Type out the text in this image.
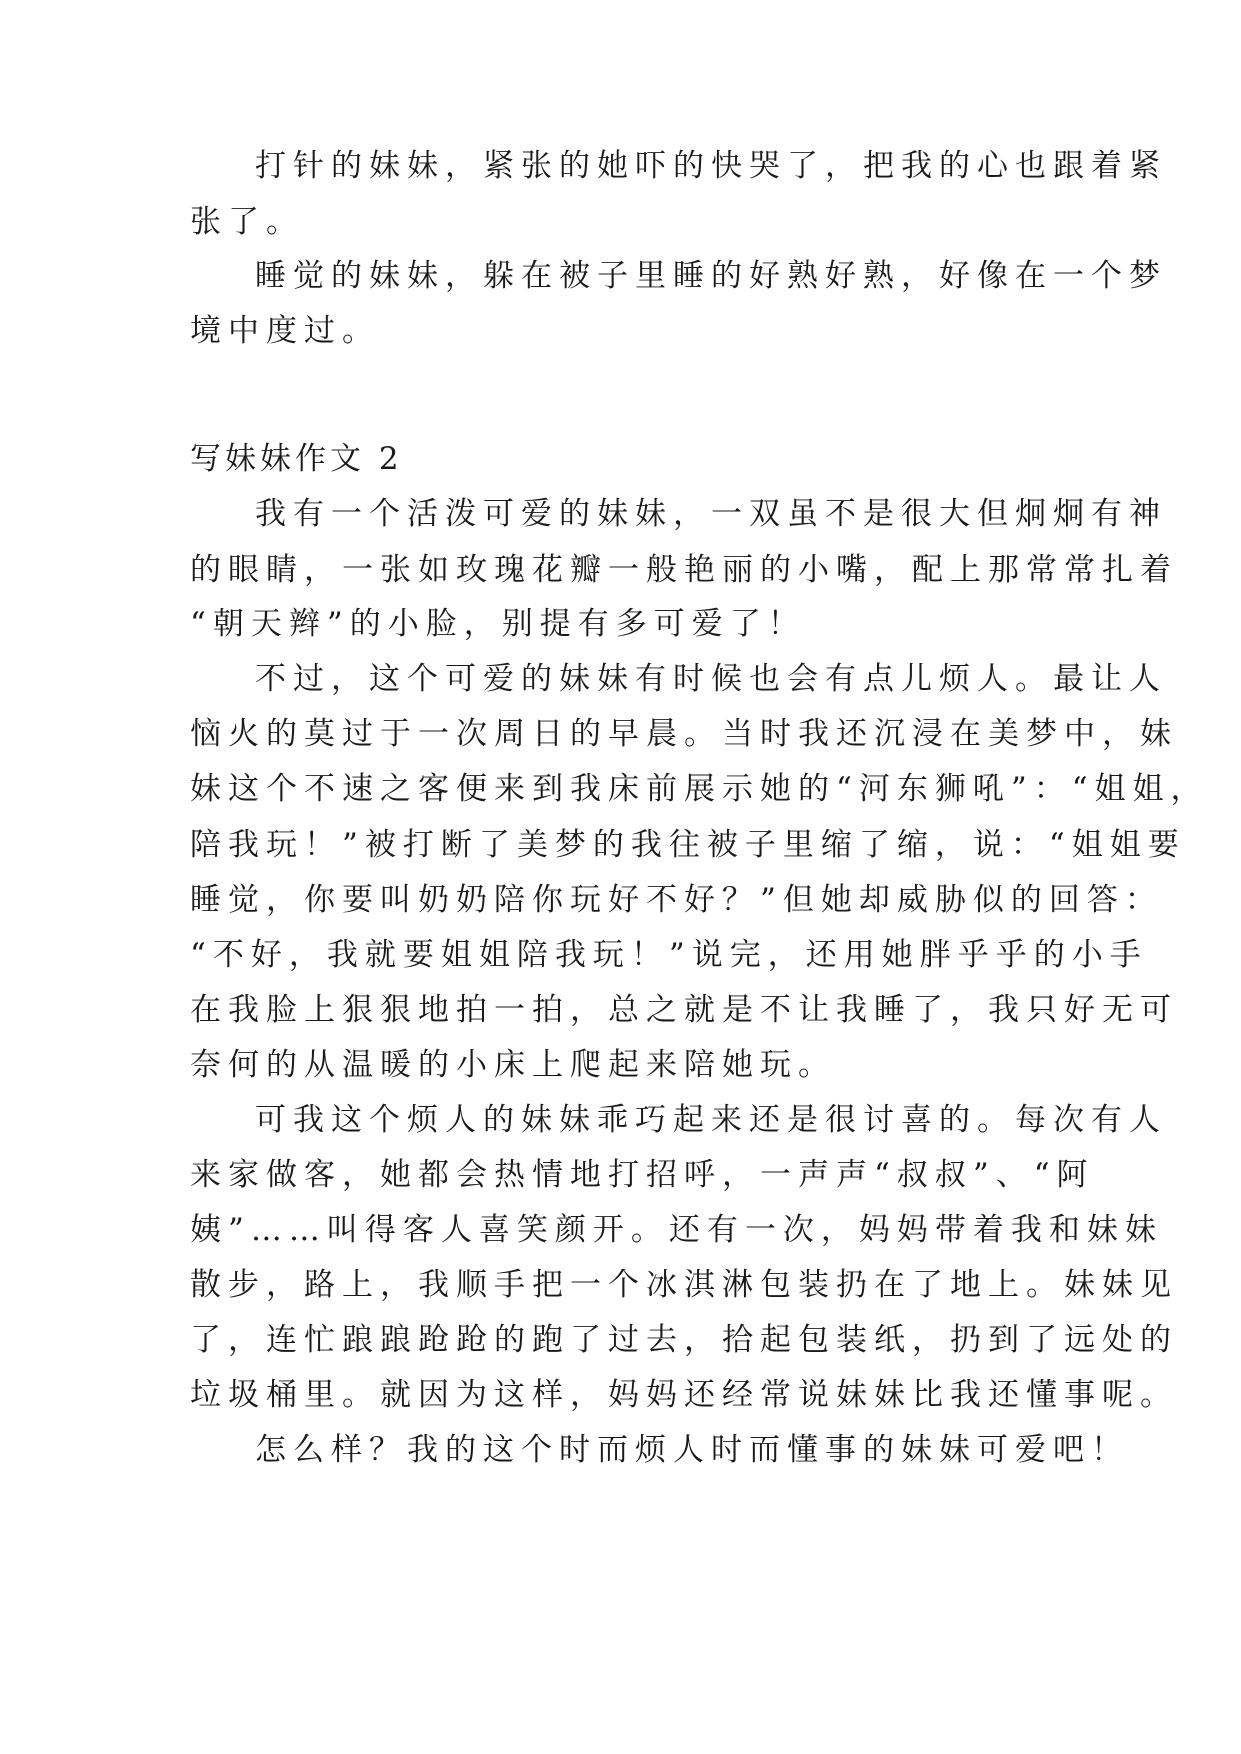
打针的妹妹，紧张的她吓的快哭了，把我的心也跟着紧
张了。
睡觉的妹妹，躲在被子里睡的好熟好熟，好像在一个梦
境中度过。
写妹妹作文 2
我有一个活泼可爱的妹妹，一双虽不是很大但炯炯有神
的眼睛，一张如玫瑰花瓣一般艳丽的小嘴，配上那常常扎着
“朝天辫”的小脸，别提有多可爱了！
不过，这个可爱的妹妹有时候也会有点儿烦人。最让人
恼火的莫过于一次周日的早晨。当时我还沉浸在美梦中，妹
妹这个不速之客便来到我床前展示她的“河东狮吼”：“姐姐，
陪我玩！”被打断了美梦的我往被子里缩了缩，说：“姐姐要
睡觉，你要叫奶奶陪你玩好不好？”但她却威胁似的回答：
“不好，我就要姐姐陪我玩！”说完，还用她胖乎乎的小手
在我脸上狠狠地拍一拍，总之就是不让我睡了，我只好无可
奈何的从温暖的小床上爬起来陪她玩。
可我这个烦人的妹妹乖巧起来还是很讨喜的。每次有人
来家做客，她都会热情地打招呼，一声声“叔叔”、“阿
姨”……叫得客人喜笑颜开。还有一次，妈妈带着我和妹妹
散步，路上，我顺手把一个冰淇淋包装扔在了地上。妹妹见
了，连忙踉踉跄跄的跑了过去，拾起包装纸，扔到了远处的
垃圾桶里。就因为这样，妈妈还经常说妹妹比我还懂事呢。
怎么样？我的这个时而烦人时而懂事的妹妹可爱吧！
